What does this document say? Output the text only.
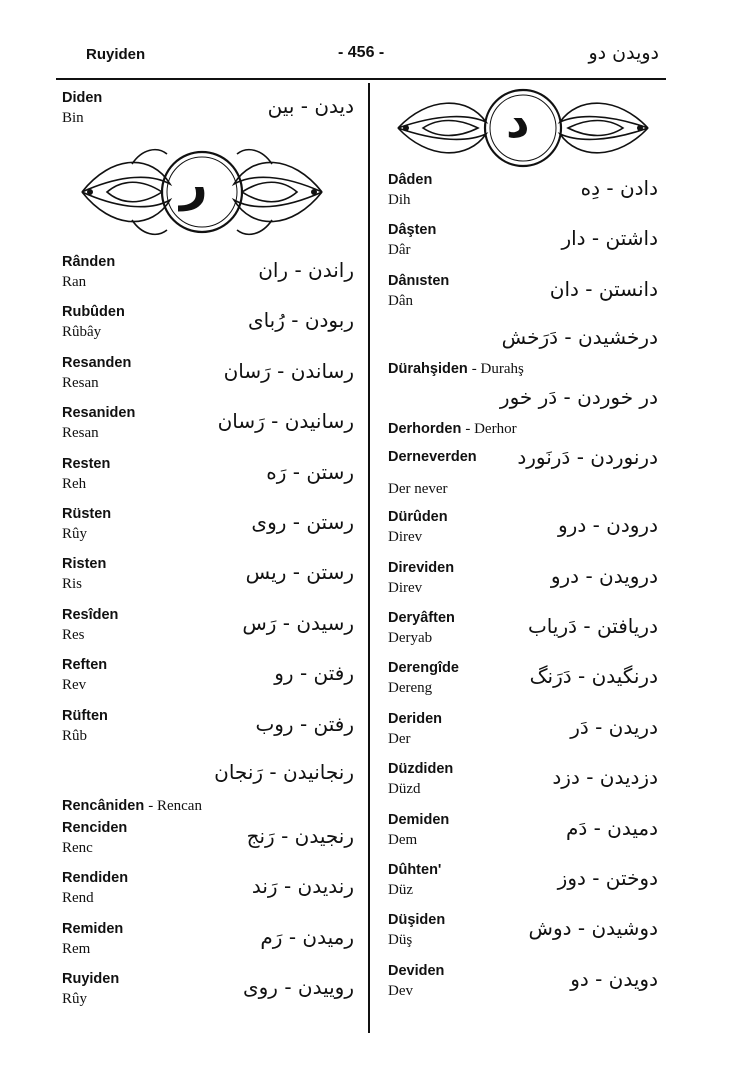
Ruyiden	- 456 -	دویدن دو
Diden
Bin	دیدن - بین
ر
Rânden
Ran	راندن - ران
Rubûden
Rûbây	ربودن - رُبای
Resanden
Resan	رساندن - رَسان
Resaniden
Resan	رسانیدن - رَسان
Resten
Reh	رستن - رَه
Rüsten
Rûy	رستن - روی
Risten
Ris	رستن - ریس
Resîden
Res	رسیدن - رَس
Reften
Rev	رفتن - رو
Rüften
Rûb	رفتن - روب
رنجانیدن - رَنجان
Rencâniden - Rencan
Renciden
Renc	رنجیدن - رَنج
Rendiden
Rend	رندیدن - رَند
Remiden
Rem	رمیدن - رَم
Ruyiden
Rûy	روییدن - روی
د
Dâden
Dih	دادن - دِه
Dâşten
Dâr	داشتن - دار
Dânısten
Dân	دانستن - دان
درخشیدن - دَرَخش
Dürahşiden - Durahş
در خوردن - دَر خور
Derhorden - Derhor
Derneverden درنوردن - دَرنَورد
Der never
Dürûden
Direv	درودن - درو
Direviden
Direv	درویدن - درو
Deryâften
Deryab	دریافتن - دَریاب
Derengîde
Dereng	درنگیدن - دَرَنگ
Deriden
Der	دریدن - دَر
Düzdiden
Düzd	دزدیدن - دزد
Demiden
Dem	دمیدن - دَم
Dûhten'
Düz	دوختن - دوز
Düşiden
Düş	دوشیدن - دوش
Deviden
Dev	دویدن - دو
